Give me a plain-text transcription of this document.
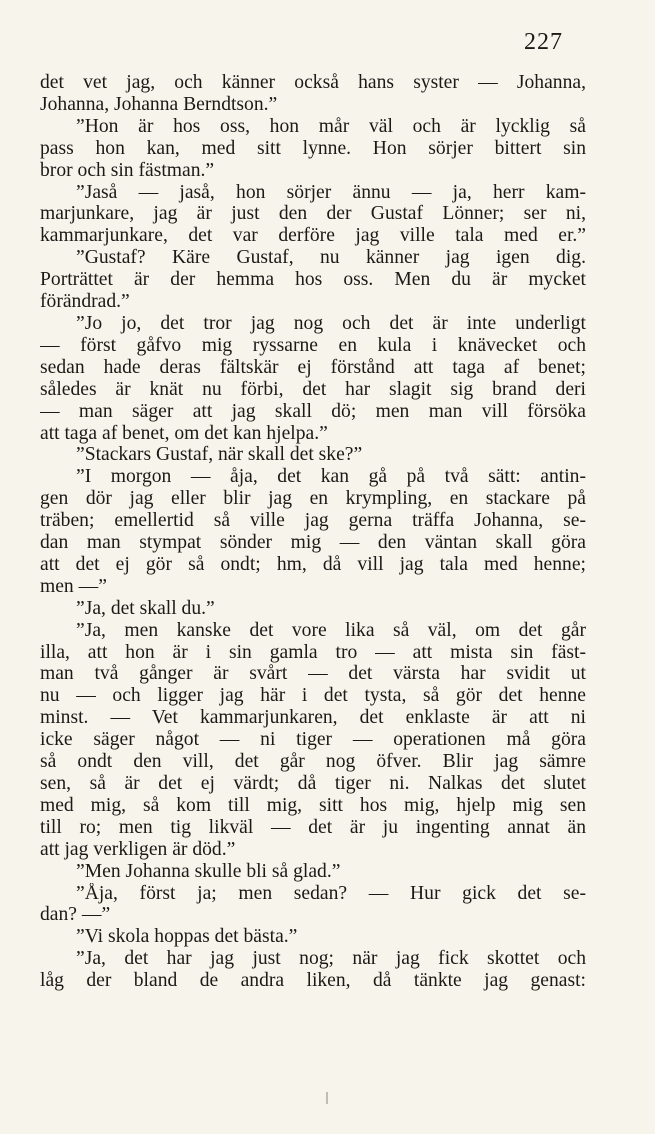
227
det vet jag, och känner också hans syster — Johanna,
Johanna, Johanna Berndtson.”
”Hon är hos oss, hon mår väl och är lycklig så
pass hon kan, med sitt lynne. Hon sörjer bittert sin
bror och sin fästman.”
”Jaså — jaså, hon sörjer ännu — ja, herr kam-
marjunkare, jag är just den der Gustaf Lönner; ser ni,
kammarjunkare, det var derföre jag ville tala med er.”
”Gustaf? Käre Gustaf, nu känner jag igen dig.
Porträttet är der hemma hos oss. Men du är mycket
förändrad.”
”Jo jo, det tror jag nog och det är inte underligt
— först gåfvo mig ryssarne en kula i knävecket och
sedan hade deras fältskär ej förstånd att taga af benet;
således är knät nu förbi, det har slagit sig brand deri
— man säger att jag skall dö; men man vill försöka
att taga af benet, om det kan hjelpa.”
”Stackars Gustaf, när skall det ske?”
”I morgon — åja, det kan gå på två sätt: antin-
gen dör jag eller blir jag en krympling, en stackare på
träben; emellertid så ville jag gerna träffa Johanna, se-
dan man stympat sönder mig — den väntan skall göra
att det ej gör så ondt; hm, då vill jag tala med henne;
men —”
”Ja, det skall du.”
”Ja, men kanske det vore lika så väl, om det går
illa, att hon är i sin gamla tro — att mista sin fäst-
man två gånger är svårt — det värsta har svidit ut
nu — och ligger jag här i det tysta, så gör det henne
minst. — Vet kammarjunkaren, det enklaste är att ni
icke säger något — ni tiger — operationen må göra
så ondt den vill, det går nog öfver. Blir jag sämre
sen, så är det ej värdt; då tiger ni. Nalkas det slutet
med mig, så kom till mig, sitt hos mig, hjelp mig sen
till ro; men tig likväl — det är ju ingenting annat än
att jag verkligen är död.”
”Men Johanna skulle bli så glad.”
”Åja, först ja; men sedan? — Hur gick det se-
dan? —”
”Vi skola hoppas det bästa.”
”Ja, det har jag just nog; när jag fick skottet och
låg der bland de andra liken, då tänkte jag genast:
